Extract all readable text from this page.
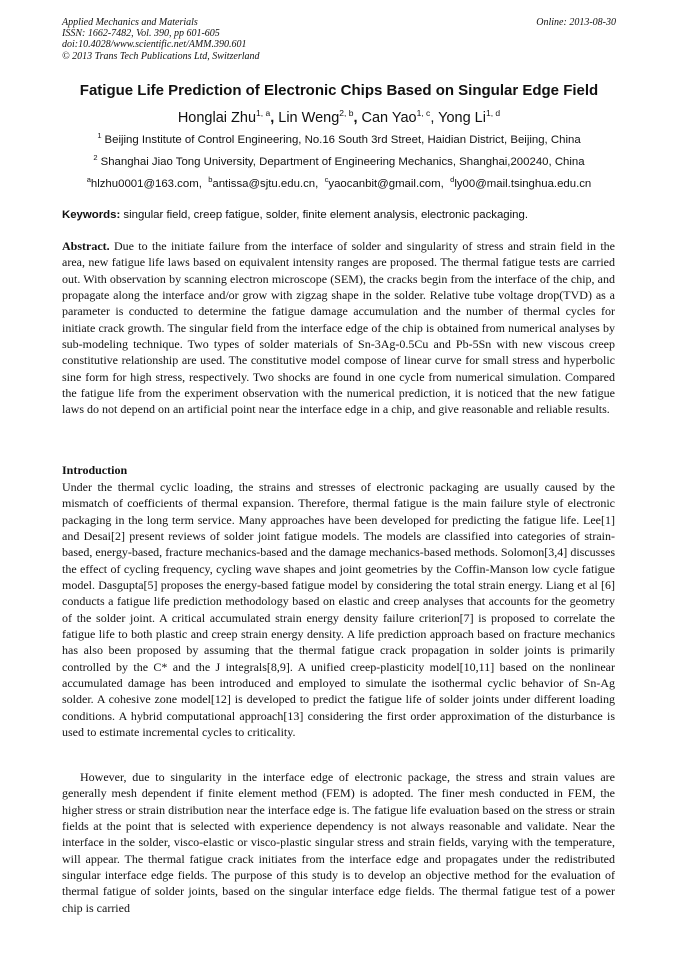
Applied Mechanics and Materials
ISSN: 1662-7482, Vol. 390, pp 601-605
doi:10.4028/www.scientific.net/AMM.390.601
© 2013 Trans Tech Publications Ltd, Switzerland
Online: 2013-08-30
Fatigue Life Prediction of Electronic Chips Based on Singular Edge Field
Honglai Zhu$^{1, a}$, Lin Weng$^{2, b}$, Can Yao$^{1, c}$, Yong Li$^{1, d}$
$^1$ Beijing Institute of Control Engineering, No.16 South 3rd Street, Haidian District, Beijing, China
$^2$ Shanghai Jiao Tong University, Department of Engineering Mechanics, Shanghai,200240, China
$^a$hlzhu0001@163.com, $^b$antissa@sjtu.edu.cn, $^c$yaocanbit@gmail.com, $^d$ly00@mail.tsinghua.edu.cn
Keywords: singular field, creep fatigue, solder, finite element analysis, electronic packaging.
Abstract. Due to the initiate failure from the interface of solder and singularity of stress and strain field in the area, new fatigue life laws based on equivalent intensity ranges are proposed. The thermal fatigue tests are carried out. With observation by scanning electron microscope (SEM), the cracks begin from the interface of the chip, and propagate along the interface and/or grow with zigzag shape in the solder. Relative tube voltage drop(TVD) as a parameter is conducted to determine the fatigue damage accumulation and the number of thermal cycles for initiate crack growth. The singular field from the interface edge of the chip is obtained from numerical analyses by sub-modeling technique. Two types of solder materials of Sn-3Ag-0.5Cu and Pb-5Sn with new viscous creep constitutive relationship are used. The constitutive model compose of linear curve for small stress and hyperbolic sine form for high stress, respectively. Two shocks are found in one cycle from numerical simulation. Compared the fatigue life from the experiment observation with the numerical prediction, it is noticed that the new fatigue laws do not depend on an artificial point near the interface edge in a chip, and give reasonable and reliable results.
Introduction
Under the thermal cyclic loading, the strains and stresses of electronic packaging are usually caused by the mismatch of coefficients of thermal expansion. Therefore, thermal fatigue is the main failure style of electronic packaging in the long term service. Many approaches have been developed for predicting the fatigue life. Lee[1] and Desai[2] present reviews of solder joint fatigue models. The models are classified into categories of strain-based, energy-based, fracture mechanics-based and the damage mechanics-based methods. Solomon[3,4] discusses the effect of cycling frequency, cycling wave shapes and joint geometries by the Coffin-Manson low cycle fatigue model. Dasgupta[5] proposes the energy-based fatigue model by considering the total strain energy. Liang et al [6] conducts a fatigue life prediction methodology based on elastic and creep analyses that accounts for the geometry of the solder joint. A critical accumulated strain energy density failure criterion[7] is proposed to correlate the fatigue life to both plastic and creep strain energy density. A life prediction approach based on fracture mechanics has also been proposed by assuming that the thermal fatigue crack propagation in solder joints is primarily controlled by the C* and the J integrals[8,9]. A unified creep-plasticity model[10,11] based on the nonlinear accumulated damage has been introduced and employed to simulate the isothermal cyclic behavior of Sn-Ag solder. A cohesive zone model[12] is developed to predict the fatigue life of solder joints under different loading conditions. A hybrid computational approach[13] considering the first order approximation of the disturbance is used to estimate incremental cycles to criticality.
However, due to singularity in the interface edge of electronic package, the stress and strain values are generally mesh dependent if finite element method (FEM) is adopted. The finer mesh conducted in FEM, the higher stress or strain distribution near the interface edge is. The fatigue life evaluation based on the stress or strain fields at the point that is selected with experience dependency is not always reasonable and validate. Near the interface in the solder, visco-elastic or visco-plastic singular stress and strain fields, varying with the temperature, will appear. The thermal fatigue crack initiates from the interface edge and propagates under the redistributed singular interface edge fields. The purpose of this study is to develop an objective method for the evaluation of thermal fatigue of solder joints, based on the singular interface edge fields. The thermal fatigue test of a power chip is carried
